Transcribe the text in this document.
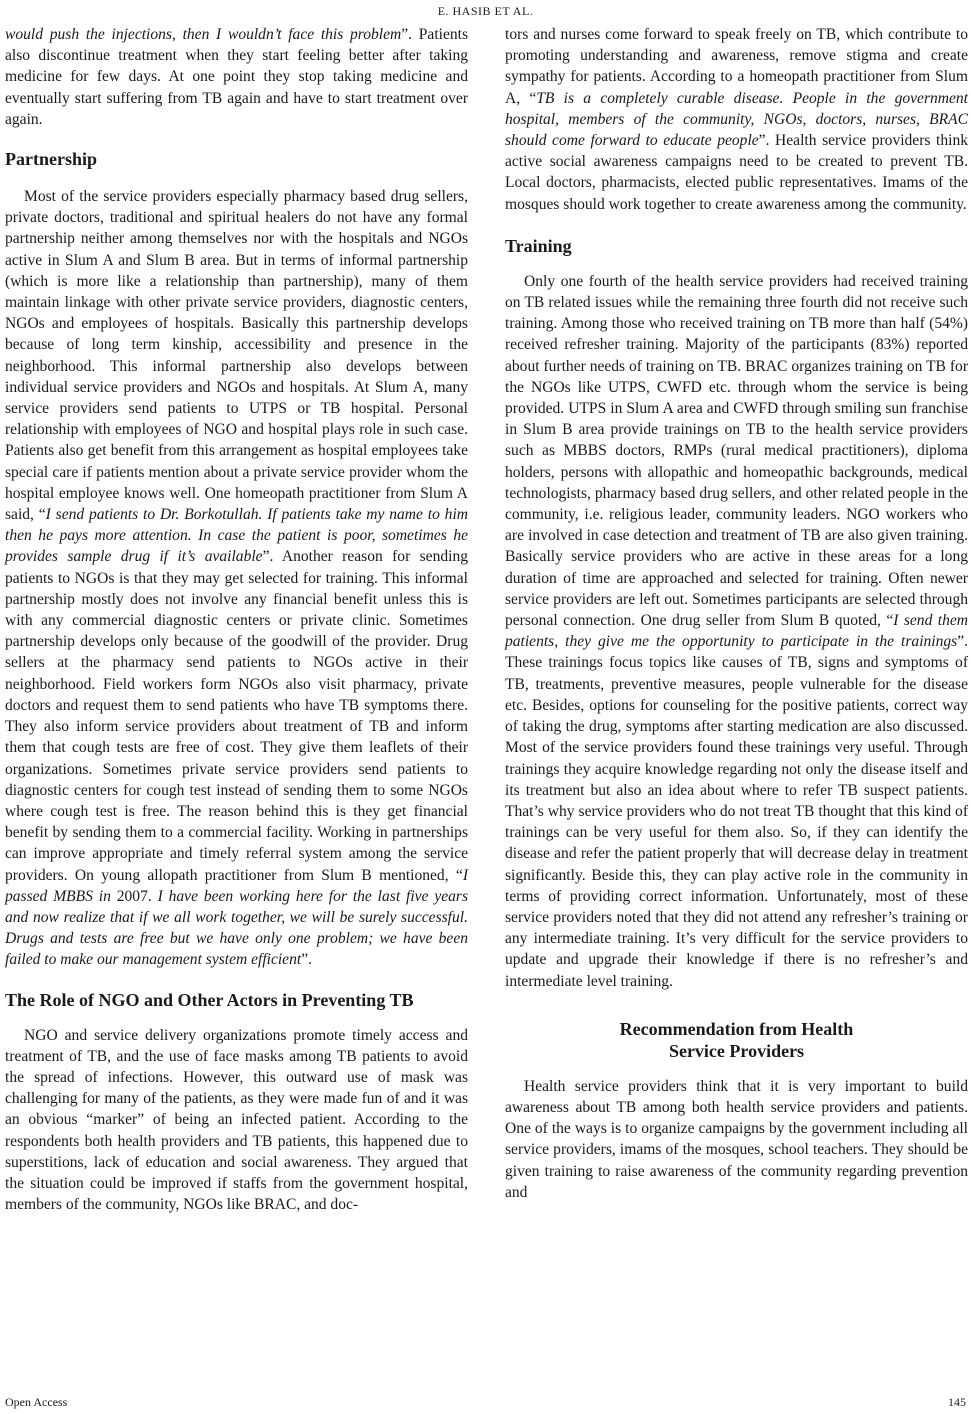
E. HASIB ET AL.

would push the injections, then I wouldn’t face this problem”. Patients also discontinue treatment when they start feeling better after taking medicine for few days. At one point they stop taking medicine and eventually start suffering from TB again and have to start treatment over again.

Partnership

Most of the service providers especially pharmacy based drug sellers, private doctors, traditional and spiritual healers do not have any formal partnership neither among themselves nor with the hospitals and NGOs active in Slum A and Slum B area. But in terms of informal partnership (which is more like a relationship than partnership), many of them maintain linkage with other private service providers, diagnostic centers, NGOs and employees of hospitals. Basically this partnership develops because of long term kinship, accessibility and presence in the neighborhood. This informal partnership also develops between individual service providers and NGOs and hospitals. At Slum A, many service providers send patients to UTPS or TB hospital. Personal relationship with employees of NGO and hospital plays role in such case. Patients also get benefit from this arrangement as hospital employees take special care if patients mention about a private service provider whom the hospital employee knows well. One homeopath practitioner from Slum A said, “I send patients to Dr. Borkotullah. If patients take my name to him then he pays more attention. In case the patient is poor, sometimes he provides sample drug if it’s available”. Another reason for sending patients to NGOs is that they may get selected for training. This informal partnership mostly does not involve any financial benefit unless this is with any commercial diagnostic centers or private clinic. Sometimes partnership develops only because of the goodwill of the provider. Drug sellers at the pharmacy send patients to NGOs active in their neighborhood. Field workers form NGOs also visit pharmacy, private doctors and request them to send patients who have TB symptoms there. They also inform service providers about treatment of TB and inform them that cough tests are free of cost. They give them leaflets of their organizations. Sometimes private service providers send patients to diagnostic centers for cough test instead of sending them to some NGOs where cough test is free. The reason behind this is they get financial benefit by sending them to a commercial facility. Working in partnerships can improve appropriate and timely referral system among the service providers. On young allopath practitioner from Slum B mentioned, “I passed MBBS in 2007. I have been working here for the last five years and now realize that if we all work together, we will be surely successful. Drugs and tests are free but we have only one problem; we have been failed to make our management system efficient”.

The Role of NGO and Other Actors in Preventing TB

NGO and service delivery organizations promote timely access and treatment of TB, and the use of face masks among TB patients to avoid the spread of infections. However, this outward use of mask was challenging for many of the patients, as they were made fun of and it was an obvious “marker” of being an infected patient. According to the respondents both health providers and TB patients, this happened due to superstitions, lack of education and social awareness. They argued that the situation could be improved if staffs from the government hospital, members of the community, NGOs like BRAC, and doc-

tors and nurses come forward to speak freely on TB, which contribute to promoting understanding and awareness, remove stigma and create sympathy for patients. According to a homeopath practitioner from Slum A, “TB is a completely curable disease. People in the government hospital, members of the community, NGOs, doctors, nurses, BRAC should come forward to educate people”. Health service providers think active social awareness campaigns need to be created to prevent TB. Local doctors, pharmacists, elected public representatives. Imams of the mosques should work together to create awareness among the community.

Training

Only one fourth of the health service providers had received training on TB related issues while the remaining three fourth did not receive such training. Among those who received training on TB more than half (54%) received refresher training. Majority of the participants (83%) reported about further needs of training on TB. BRAC organizes training on TB for the NGOs like UTPS, CWFD etc. through whom the service is being provided. UTPS in Slum A area and CWFD through smiling sun franchise in Slum B area provide trainings on TB to the health service providers such as MBBS doctors, RMPs (rural medical practitioners), diploma holders, persons with allopathic and homeopathic backgrounds, medical technologists, pharmacy based drug sellers, and other related people in the community, i.e. religious leader, community leaders. NGO workers who are involved in case detection and treatment of TB are also given training. Basically service providers who are active in these areas for a long duration of time are approached and selected for training. Often newer service providers are left out. Sometimes participants are selected through personal connection. One drug seller from Slum B quoted, “I send them patients, they give me the opportunity to participate in the trainings”. These trainings focus topics like causes of TB, signs and symptoms of TB, treatments, preventive measures, people vulnerable for the disease etc. Besides, options for counseling for the positive patients, correct way of taking the drug, symptoms after starting medication are also discussed. Most of the service providers found these trainings very useful. Through trainings they acquire knowledge regarding not only the disease itself and its treatment but also an idea about where to refer TB suspect patients. That’s why service providers who do not treat TB thought that this kind of trainings can be very useful for them also. So, if they can identify the disease and refer the patient properly that will decrease delay in treatment significantly. Beside this, they can play active role in the community in terms of providing correct information. Unfortunately, most of these service providers noted that they did not attend any refresher’s training or any intermediate training. It’s very difficult for the service providers to update and upgrade their knowledge if there is no refresher’s and intermediate level training.

Recommendation from Health
Service Providers

Health service providers think that it is very important to build awareness about TB among both health service providers and patients. One of the ways is to organize campaigns by the government including all service providers, imams of the mosques, school teachers. They should be given training to raise awareness of the community regarding prevention and

Open Access	145
